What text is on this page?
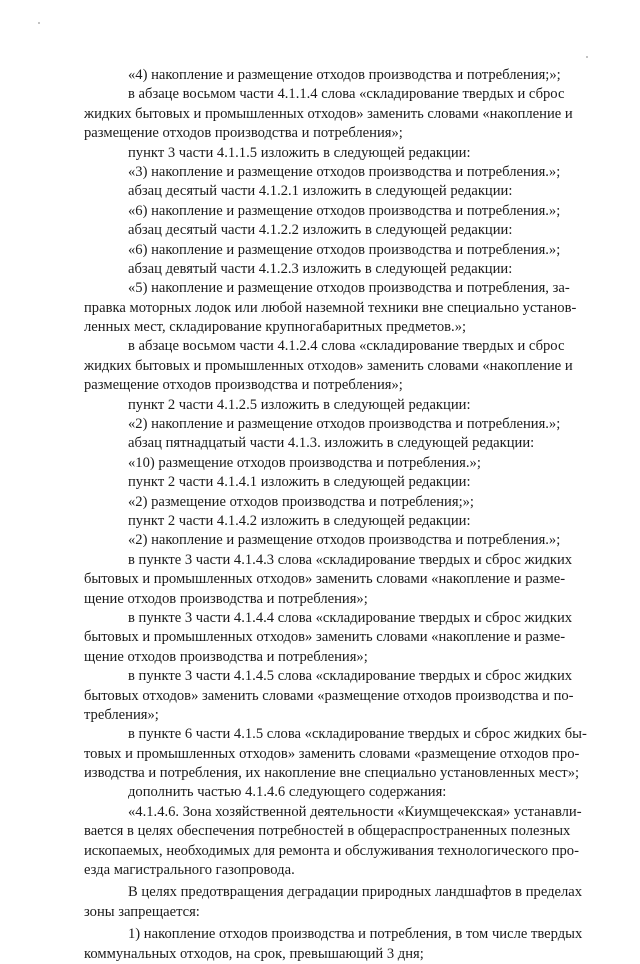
«4) накопление и размещение отходов производства и потребления;»;
в абзаце восьмом части 4.1.1.4 слова «складирование твердых и сброс
жидких бытовых и промышленных отходов» заменить словами «накопление и
размещение отходов производства и потребления»;
пункт 3 части 4.1.1.5 изложить в следующей редакции:
«3) накопление и размещение отходов производства и потребления.»;
абзац десятый части 4.1.2.1 изложить в следующей редакции:
«6) накопление и размещение отходов производства и потребления.»;
абзац десятый части 4.1.2.2 изложить в следующей редакции:
«6) накопление и размещение отходов производства и потребления.»;
абзац девятый части 4.1.2.3 изложить в следующей редакции:
«5) накопление и размещение отходов производства и потребления, за-
правка моторных лодок или любой наземной техники вне специально установ-
ленных мест, складирование крупногабаритных предметов.»;
в абзаце восьмом части 4.1.2.4 слова «складирование твердых и сброс
жидких бытовых и промышленных отходов» заменить словами «накопление и
размещение отходов производства и потребления»;
пункт 2 части 4.1.2.5 изложить в следующей редакции:
«2) накопление и размещение отходов производства и потребления.»;
абзац пятнадцатый части 4.1.3. изложить в следующей редакции:
«10) размещение отходов производства и потребления.»;
пункт 2 части 4.1.4.1 изложить в следующей редакции:
«2) размещение отходов производства и потребления;»;
пункт 2 части 4.1.4.2 изложить в следующей редакции:
«2) накопление и размещение отходов производства и потребления.»;
в пункте 3 части 4.1.4.3 слова «складирование твердых и сброс жидких
бытовых и промышленных отходов» заменить словами «накопление и разме-
щение отходов производства и потребления»;
в пункте 3 части 4.1.4.4 слова «складирование твердых и сброс жидких
бытовых и промышленных отходов» заменить словами «накопление и разме-
щение отходов производства и потребления»;
в пункте 3 части 4.1.4.5 слова «складирование твердых и сброс жидких
бытовых отходов» заменить словами «размещение отходов производства и по-
требления»;
в пункте 6 части 4.1.5 слова «складирование твердых и сброс жидких бы-
товых и промышленных отходов» заменить словами «размещение отходов про-
изводства и потребления, их накопление вне специально установленных мест»;
дополнить частью 4.1.4.6 следующего содержания:
«4.1.4.6. Зона хозяйственной деятельности «Киумщечекская» устанавли-
вается в целях обеспечения потребностей в общераспространенных полезных
ископаемых, необходимых для ремонта и обслуживания технологического про-
езда магистрального газопровода.
В целях предотвращения деградации природных ландшафтов в пределах
зоны запрещается:
1) накопление отходов производства и потребления, в том числе твердых
коммунальных отходов, на срок, превышающий 3 дня;
